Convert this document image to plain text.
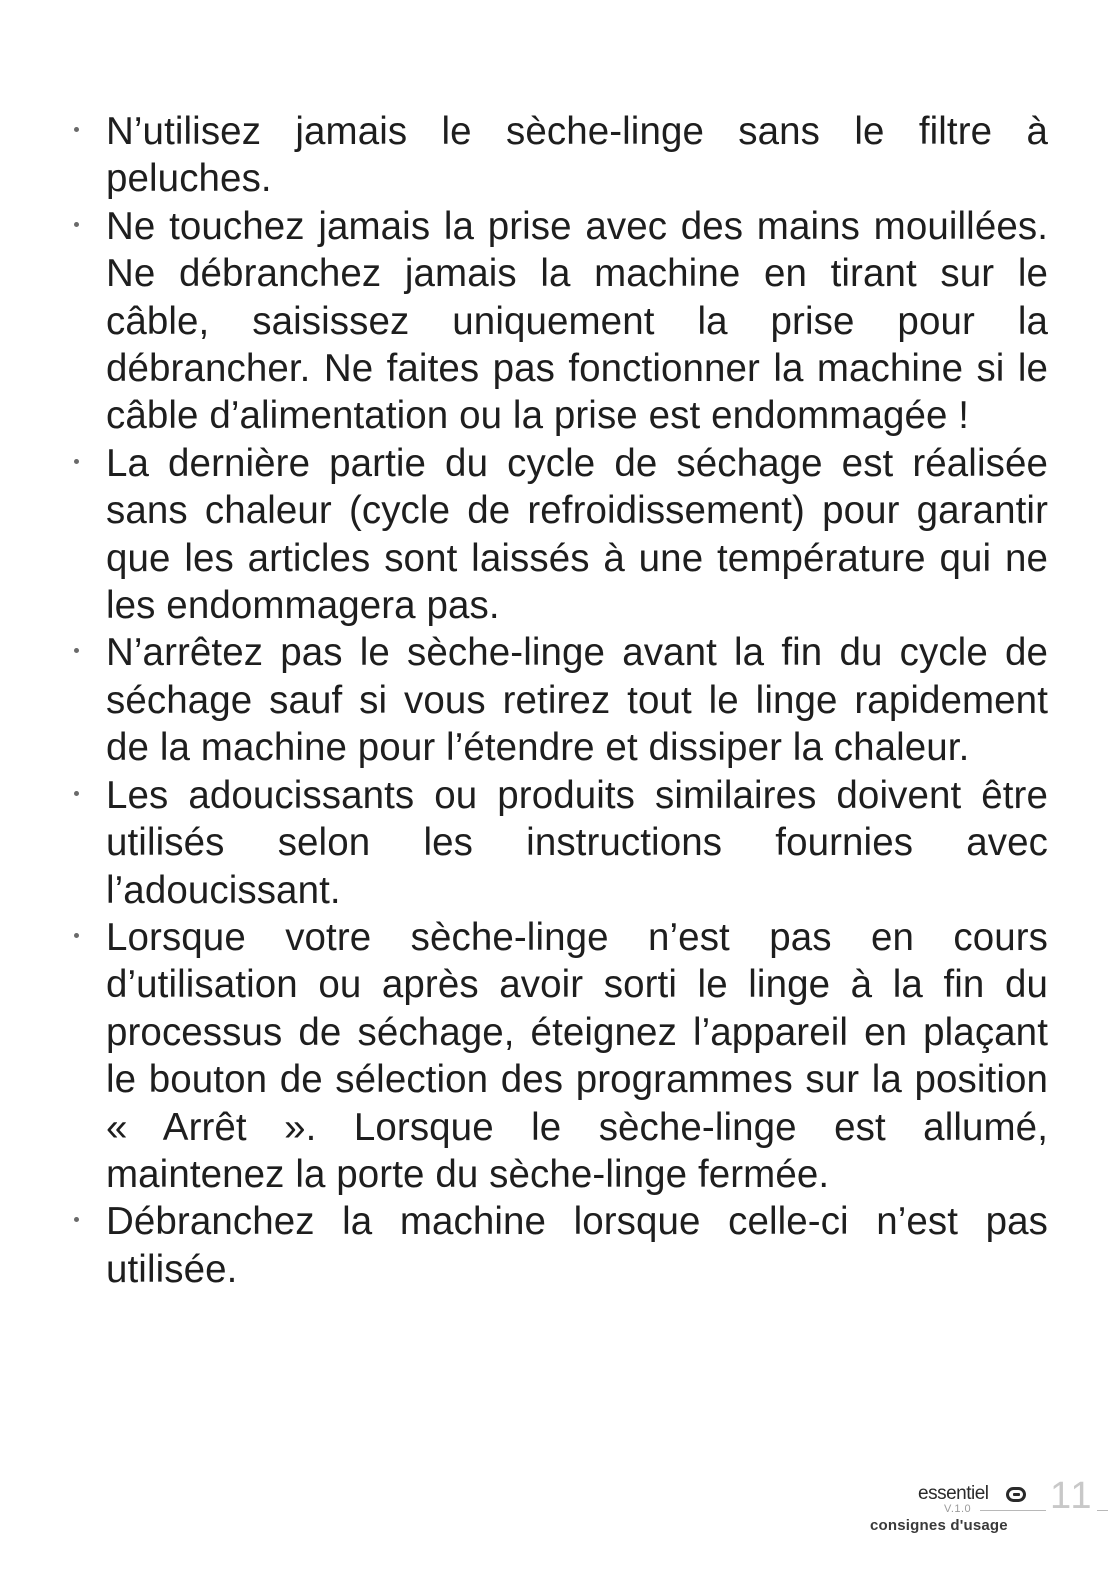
N’utilisez jamais le sèche-linge sans le filtre à peluches.
Ne touchez jamais la prise avec des mains mouillées. Ne débranchez jamais la machine en tirant sur le câble, saisissez uniquement la prise pour la débrancher. Ne faites pas fonctionner la machine si le câble d’alimentation ou la prise est endommagée !
La dernière partie du cycle de séchage est réalisée sans chaleur (cycle de refroidissement) pour garantir que les articles sont laissés à une température qui ne les endommagera pas.
N’arrêtez pas le sèche-linge avant la fin du cycle de séchage sauf si vous retirez tout le linge rapidement de la machine pour l’étendre et dissiper la chaleur.
Les adoucissants ou produits similaires doivent être utilisés selon les instructions fournies avec l’adoucissant.
Lorsque votre sèche-linge n’est pas en cours d’utilisation ou après avoir sorti le linge à la fin du processus de séchage, éteignez l’appareil en plaçant le bouton de sélection des programmes sur la position « Arrêt ». Lorsque le sèche-linge est allumé, maintenez la porte du sèche-linge fermée.
Débranchez la machine lorsque celle-ci n’est pas utilisée.
essentiel
V.1.0 11
consignes d'usage
